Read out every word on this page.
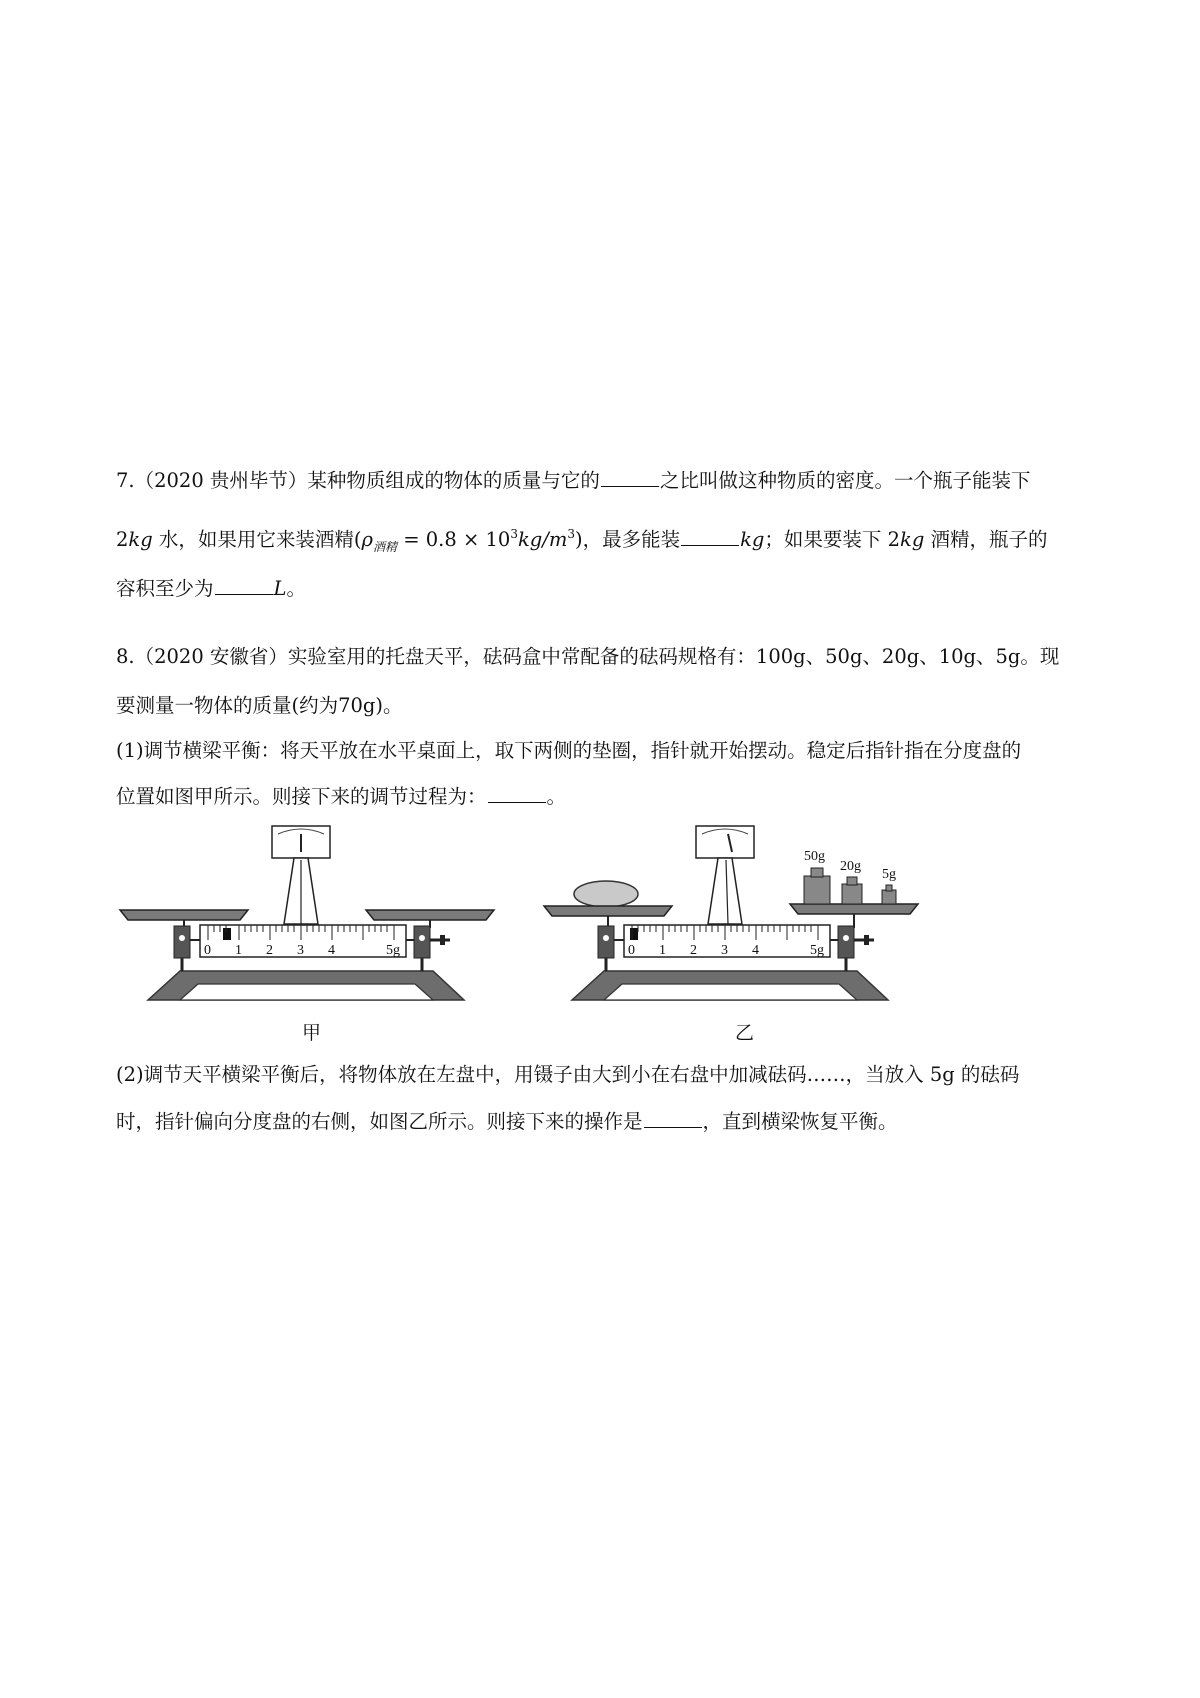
7.（2020 贵州毕节）某种物质组成的物体的质量与它的	之比叫做这种物质的密度。一个瓶子能装下
2kg 水，如果用它来装酒精$(\rho_{酒精} = 0.8 \times 10^3kg/m^3)$，最多能装	kg；如果要装下 2kg 酒精，瓶子的
容积至少为	L。
8.（2020 安徽省）实验室用的托盘天平，砝码盒中常配备的砝码规格有：100g、50g、20g、10g、5g。现
要测量一物体的质量(约为70g)。
(1)调节横梁平衡：将天平放在水平桌面上，取下两侧的垫圈，指针就开始摆动。稳定后指针指在分度盘的
位置如图甲所示。则接下来的调节过程为：	。
0 1 2 3 4	5g
甲
50g
20g
5g
0 1 2 3 4	5g
乙
(2)调节天平横梁平衡后，将物体放在左盘中，用镊子由大到小在右盘中加减砝码……，当放入 5g 的砝码
时，指针偏向分度盘的右侧，如图乙所示。则接下来的操作是	，直到横梁恢复平衡。
